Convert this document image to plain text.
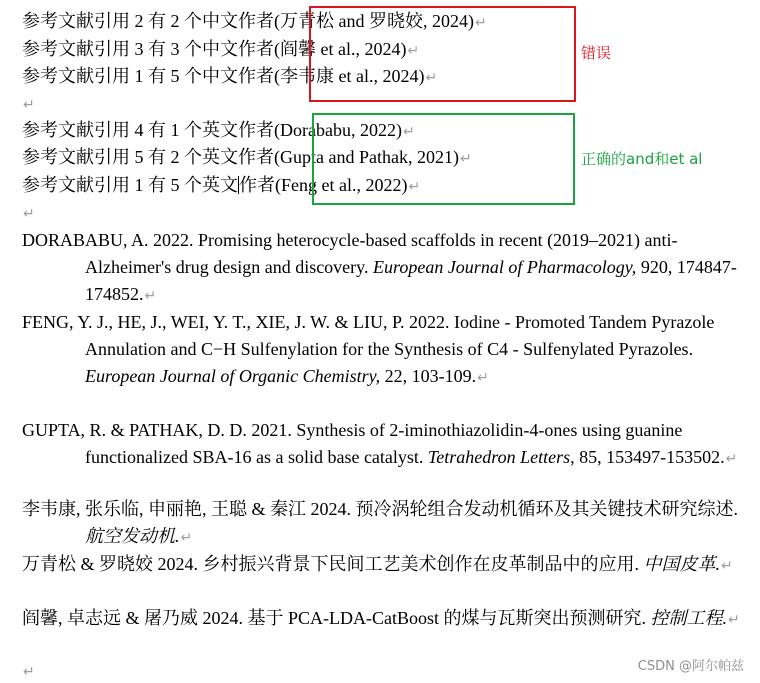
参考文献引用 2 有 2 个中文作者(万青松 and 罗晓姣, 2024)↵
参考文献引用 3 有 3 个中文作者(阎馨 et al., 2024)↵
参考文献引用 1 有 5 个中文作者(李韦康 et al., 2024)↵
↵
参考文献引用 4 有 1 个英文作者(Dorababu, 2022)↵
参考文献引用 5 有 2 个英文作者(Gupta and Pathak, 2021)↵
参考文献引用 1 有 5 个英文作者(Feng et al., 2022)↵
↵
错误
正确的and和et al
DORABABU, A. 2022. Promising heterocycle-based scaffolds in recent (2019–2021) anti-Alzheimer's drug design and discovery. European Journal of Pharmacology, 920, 174847-174852.↵
FENG, Y. J., HE, J., WEI, Y. T., XIE, J. W. & LIU, P. 2022. Iodine - Promoted Tandem Pyrazole Annulation and C−H Sulfenylation for the Synthesis of C4 - Sulfenylated Pyrazoles. European Journal of Organic Chemistry, 22, 103-109.↵
GUPTA, R. & PATHAK, D. D. 2021. Synthesis of 2-iminothiazolidin-4-ones using guanine functionalized SBA-16 as a solid base catalyst. Tetrahedron Letters, 85, 153497-153502.↵
李韦康, 张乐临, 申丽艳, 王聪 & 秦江 2024. 预冷涡轮组合发动机循环及其关键技术研究综述. 航空发动机.↵
万青松 & 罗晓姣 2024. 乡村振兴背景下民间工艺美术创作在皮革制品中的应用. 中国皮革.↵
阎馨, 卓志远 & 屠乃威 2024. 基于 PCA-LDA-CatBoost 的煤与瓦斯突出预测研究. 控制工程.↵
↵	CSDN @阿尔帕兹
